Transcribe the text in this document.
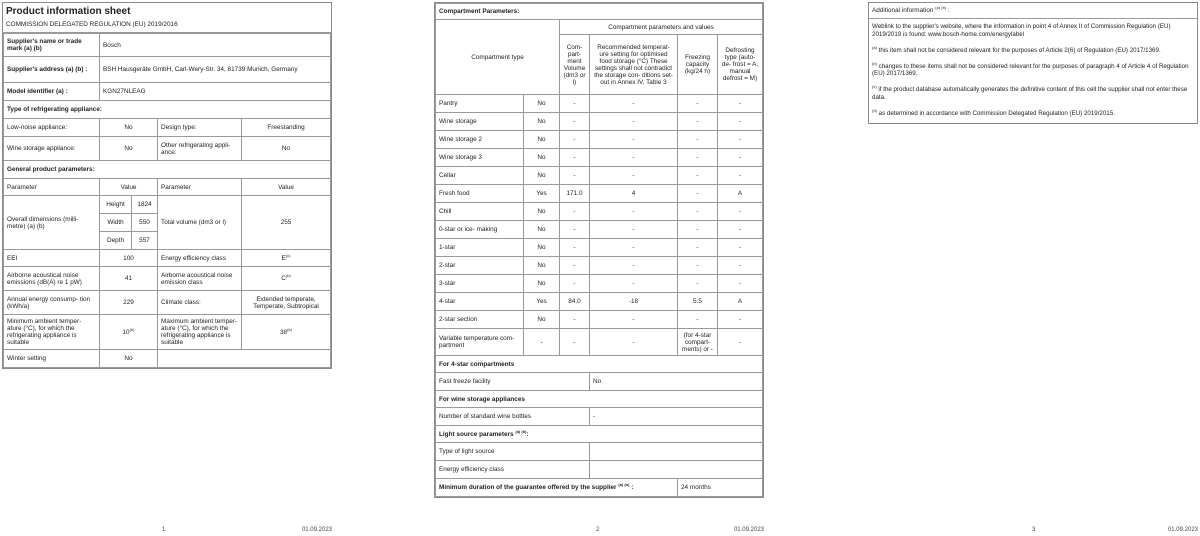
Product information sheet
COMMISSION DELEGATED REGULATION (EU) 2019/2016
Supplier's name or trade mark (a) (b)	Bosch			
Supplier's address (a) (b) :	BSH Hausgeräte GmbH, Carl-Wery-Str. 34, 81739 Munich, Germany			
Model identifier (a) :	KGN27NLEAG			
Type of refrigerating appliance:				
Low-noise appliance:	No		Design type:	Freestanding
Wine storage appliance:	No		Other refrigerating appli- ance:	No
General product parameters:				
Parameter	Value		Parameter	Value
Overall dimensions (milli- metre) (a) (b)	Height	1824	Total volume (dm3 or l)	255
	Width	550		
	Depth	557		
EEI	100		Energy efficiency class	$E^{(c)}$
Airborne acoustical noise emissions (dB(A) re 1 pW)	41		Airborne acoustical noise emission class	$C^{(b)}$
Annual energy consump- tion (kWh/a)	229		Climate class:	Extended temperate, Temperate, Subtropical
Minimum ambient temper- ature (°C), for which the refrigerating appliance is suitable	10$^{(b)}$		Maximum ambient temper- ature (°C), for which the refrigerating appliance is suitable	38$^{(b)}$
Winter setting	No			
1	01.09.2023
Compartment Parameters:					
Compartment type		Compartment parameters and values			
		Com- part- ment Volume (dm3 or l)	Recommended temperat- ure setting for optimised food storage (°C) These settings shall not contradict the storage con- ditions set-out in Annex IV, Table 3	Freezing capacity (kg/24 h)	Defrosting type (auto-de- frost = A, manual defrost = M)
Pantry	No	-	-	-	-
Wine storage	No	-	-	-	-
Wine storage 2	No	-	-	-	-
Wine storage 3	No	-	-	-	-
Cellar	No	-	-	-	-
Fresh food	Yes	171.0	4	-	A
Chill	No	-	-	-	-
0-star or ice- making	No	-	-	-	-
1-star	No	-	-	-	-
2-star	No	-	-	-	-
3-star	No	-	-	-	-
4-star	Yes	84.0	-18	5.5	A
2-star section	No	-	-	-	-
Variable temperature com- partment	-	-	-	(for 4-star compart- ments) or -	-
For 4-star compartments					
Fast freeze facility			No		
For wine storage appliances					
Number of standard wine bottles			-		
Light source parameters $^{(a) (b)}$:					
Type of light source					
Energy efficiency class					
Minimum duration of the guarantee offered by the supplier $^{(a) (b)}$ :				24 months	
2	01.09.2023
Additional information $^{(a) (b)}$ :
Weblink to the supplier's website, where the information in point 4 of Annex II of Commission Regulation (EU) 2019/2019 is found: www.bosch-home.com/energylabel
$^{(a)}$ this item shall not be considered relevant for the purposes of Article 2(6) of Regulation (EU) 2017/1369.
$^{(b)}$ changes to these items shall not be considered relevant for the purposes of paragraph 4 of Article 4 of Regulation (EU) 2017/1369.
$^{(c)}$ if the product database automatically generates the definitive content of this cell the supplier shall not enter these data.
$^{(d)}$ as determined in accordance with Commission Delegated Regulation (EU) 2019/2015.
3	01.09.2023
